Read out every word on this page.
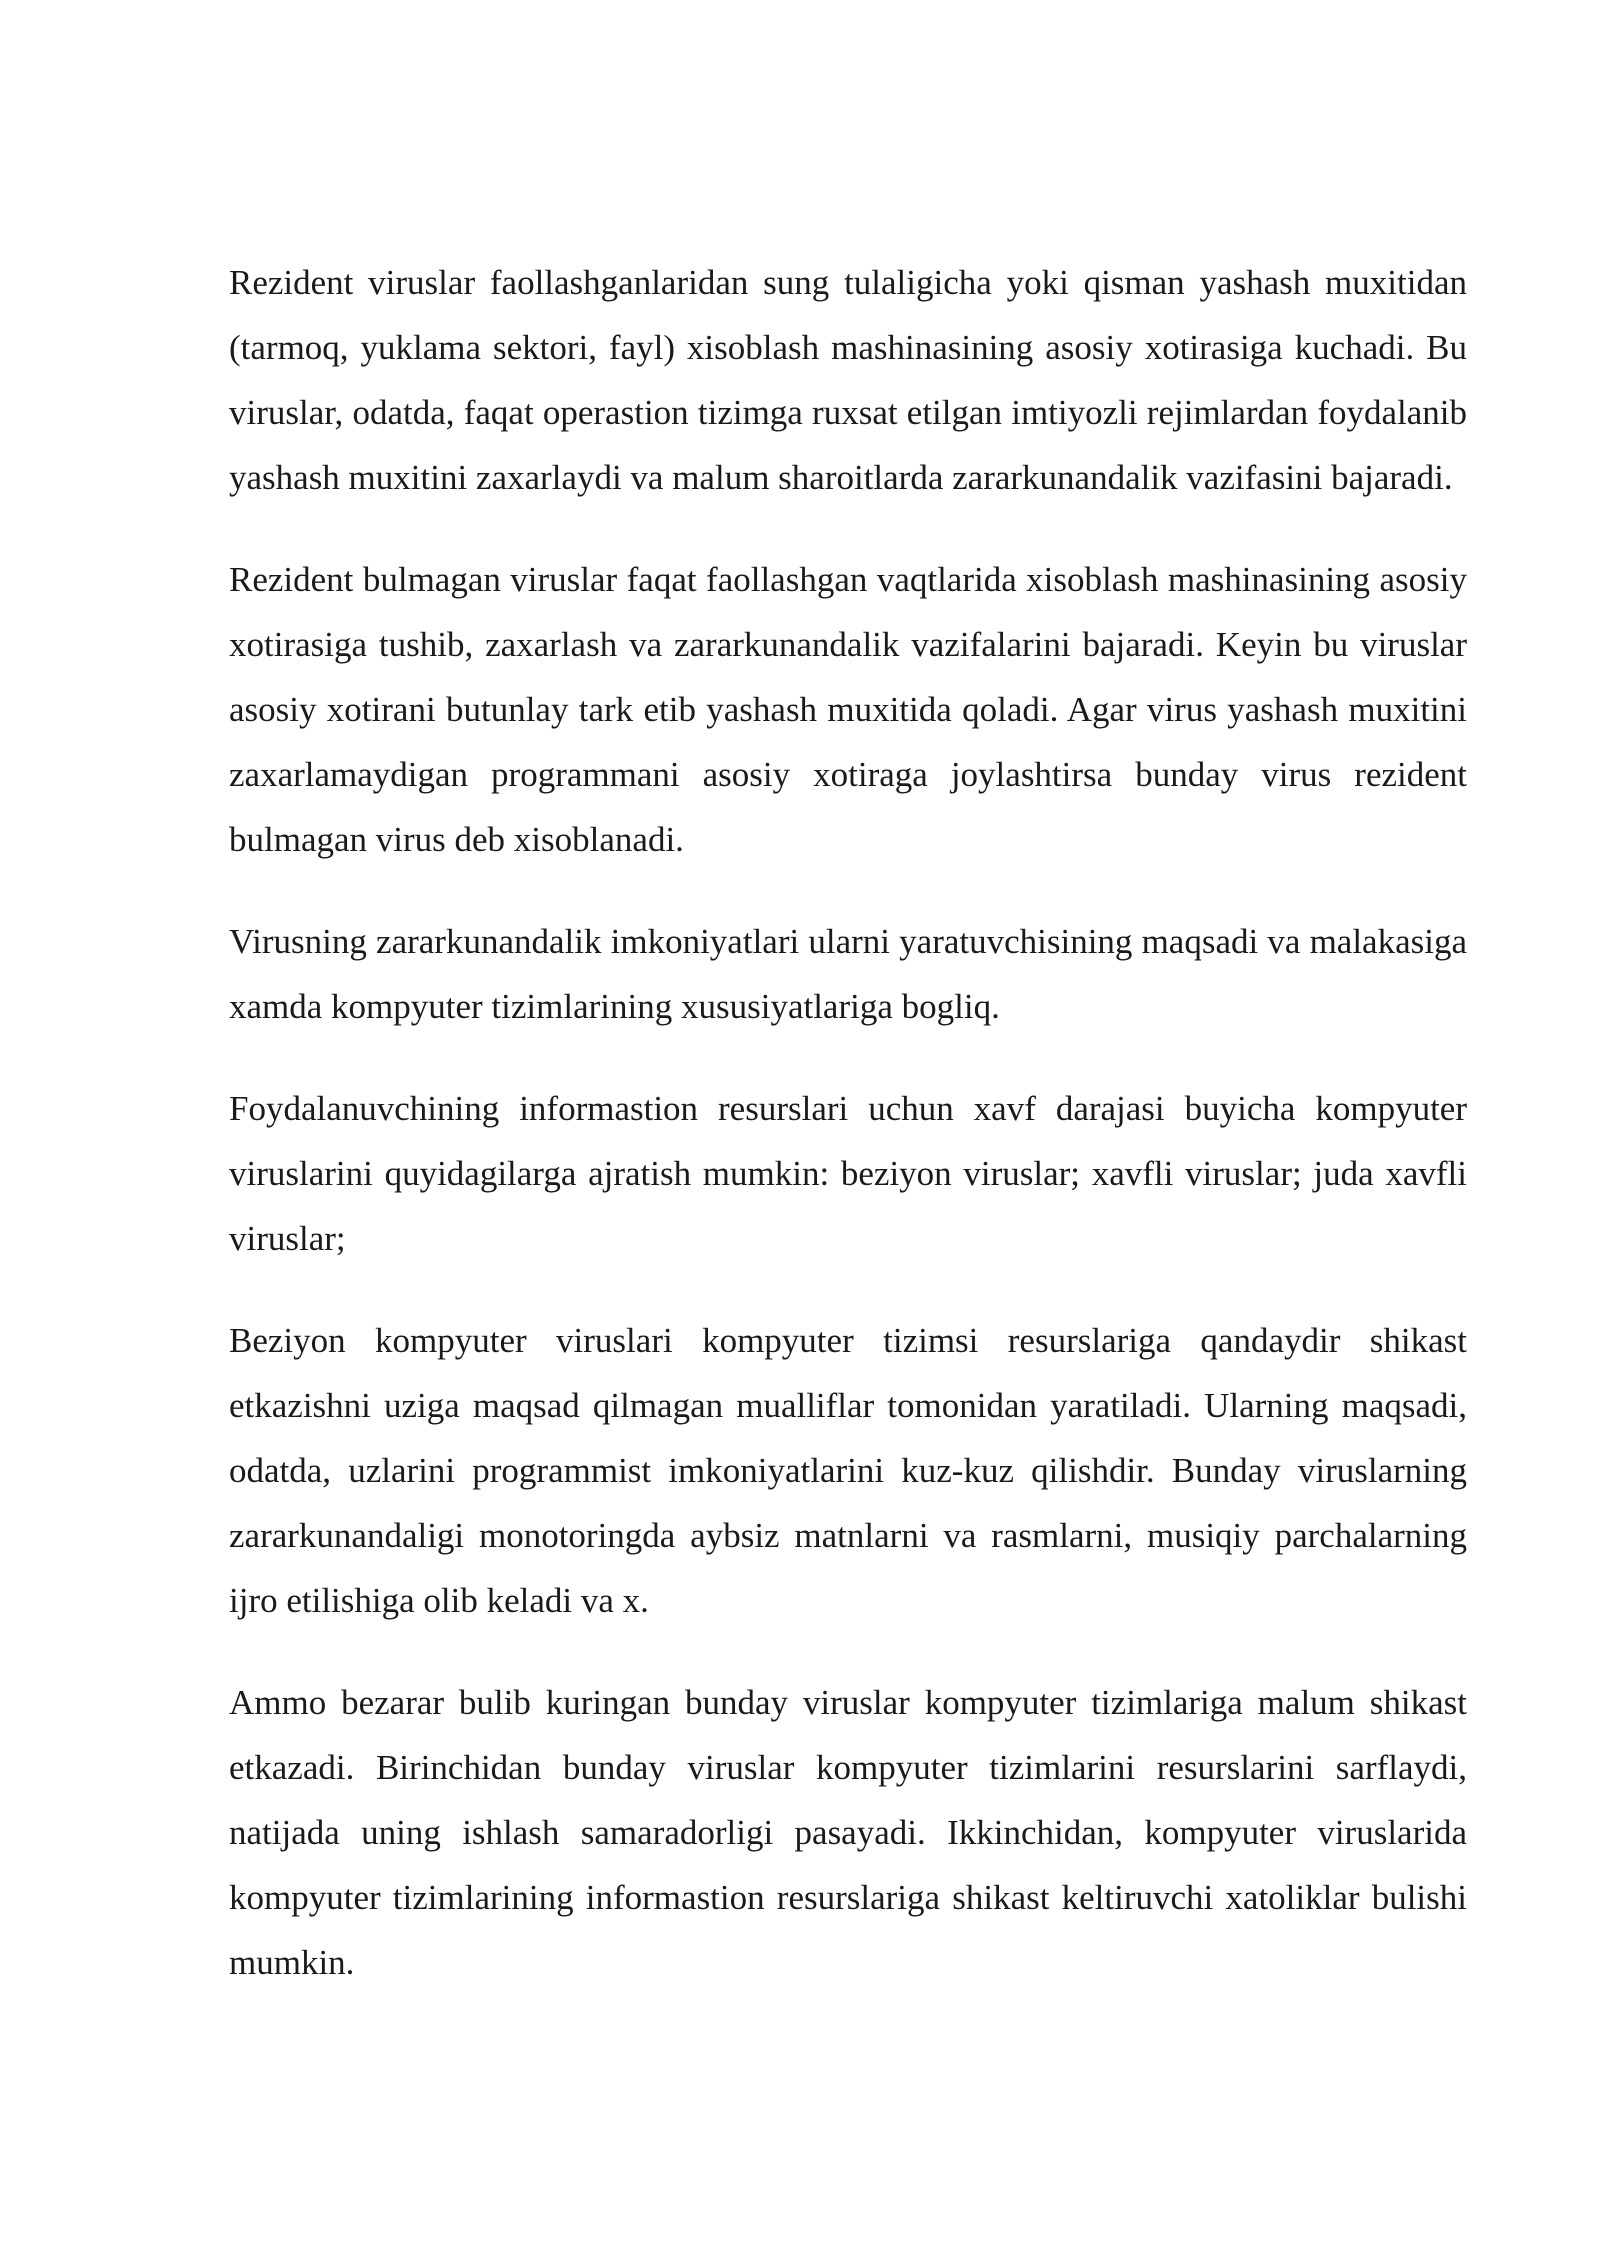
Rezident viruslar faollashganlaridan sung tulaligicha yoki qisman yashash muxitidan (tarmoq, yuklama sektori, fayl) xisoblash mashinasining asosiy xotirasiga kuchadi. Bu viruslar, odatda, faqat operastion tizimga ruxsat etilgan imtiyozli rejimlardan foydalanib yashash muxitini zaxarlaydi va malum sharoitlarda zararkunandalik vazifasini bajaradi.

Rezident bulmagan viruslar faqat faollashgan vaqtlarida xisoblash mashinasining asosiy xotirasiga tushib, zaxarlash va zararkunandalik vazifalarini bajaradi. Keyin bu viruslar asosiy xotirani butunlay tark etib yashash muxitida qoladi. Agar virus yashash muxitini zaxarlamaydigan programmani asosiy xotiraga joylashtirsa bunday virus rezident bulmagan virus deb xisoblanadi.

Virusning zararkunandalik imkoniyatlari ularni yaratuvchisining maqsadi va malakasiga xamda kompyuter tizimlarining xususiyatlariga bogliq.

Foydalanuvchining informastion resurslari uchun xavf darajasi buyicha kompyuter viruslarini quyidagilarga ajratish mumkin: beziyon viruslar; xavfli viruslar; juda xavfli viruslar;

Beziyon kompyuter viruslari kompyuter tizimsi resurslariga qandaydir shikast etkazishni uziga maqsad qilmagan mualliflar tomonidan yaratiladi. Ularning maqsadi, odatda, uzlarini programmist imkoniyatlarini kuz-kuz qilishdir. Bunday viruslarning zararkunandaligi monotoringda aybsiz matnlarni va rasmlarni, musiqiy parchalarning ijro etilishiga olib keladi va x.

Ammo bezarar bulib kuringan bunday viruslar kompyuter tizimlariga malum shikast etkazadi. Birinchidan bunday viruslar kompyuter tizimlarini resurslarini sarflaydi, natijada uning ishlash samaradorligi pasayadi. Ikkinchidan, kompyuter viruslarida kompyuter tizimlarining informastion resurslariga shikast keltiruvchi xatoliklar bulishi mumkin.
